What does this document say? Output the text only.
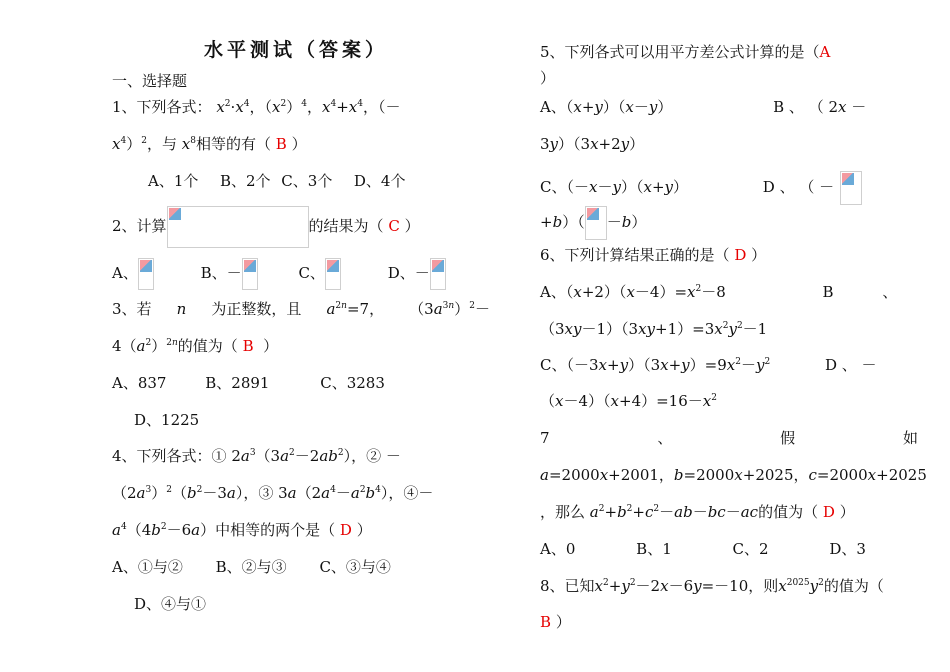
水平测试（答案）
一、选择题
1、下列各式： $x^2\cdot x^4$，$(x^2)^4$，$x^4+x^4$，（－
$x^4)^2$，与 $x^8$相等的有（ B ）
A、1个 B、2个 C、3个 D、4个
2、计算	的结果为（ C ）
A、	B、－	C、	D、－
3、若 n 为正整数，且 $a^{2n}=7$， $(3a^{3n})^2-$
$4(a^2)^{2n}$的值为（ B ）
A、837	B、2891	C、3283
D、1225
4、下列各式：① $2a^3(3a^2-2ab^2)$，② －
$(2a^3)^2(b^2-3a)$，③ $3a(2a^4-a^2b^4)$，④－
$a^4(4b^2-6a)$中相等的两个是（ D ）
A、①与② B、②与③ C、③与④
D、④与①
5、下列各式可以用平方差公式计算的是（A
）
A、（x+y）（x－y）	B 、 （ 2x －
3y）（3x+2y）
C、（－x－y）（x+y）	D 、 （ －
+b）（ －b）
6、下列计算结果正确的是（ D ）
A、$(x+2)(x-4)=x^2-8$	B	、
$(3xy-1)(3xy+1)=3x^2y^2-1$
C、$(-3x+y)(3x+y)=9x^2-y^2$	D 、 －
$(x-4)(x+4)=16-x^2$
7	、	假	如
a=2000x+2001，b=2000x+2025，c=2000x+2025
，那么 $a^2+b^2+c^2-ab-bc-ac$的值为（ D ）
A、0	B、1	C、2	D、3
8、已知$x^2+y^2-2x-6y=-10$，则$x^{2025}y^2$的值为（
B ）
